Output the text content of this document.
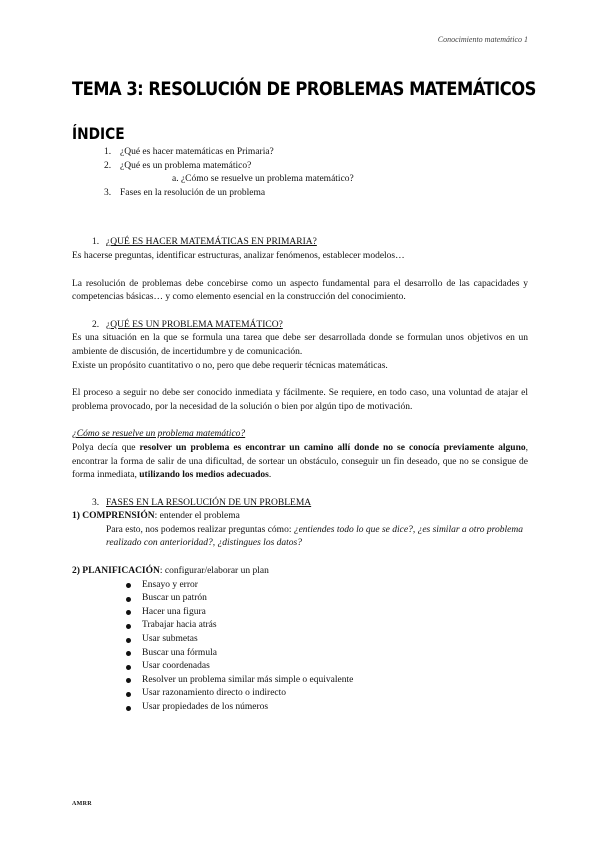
Conocimiento matemático 1
TEMA 3: RESOLUCIÓN DE PROBLEMAS MATEMÁTICOS
ÍNDICE
1. ¿Qué es hacer matemáticas en Primaria?
2. ¿Qué es un problema matemático?
a. ¿Cómo se resuelve un problema matemático?
3. Fases en la resolución de un problema

1. ¿QUÉ ES HACER MATEMÁTICAS EN PRIMARIA?

Es hacerse preguntas, identificar estructuras, analizar fenómenos, establecer modelos…

La resolución de problemas debe concebirse como un aspecto fundamental para el desarrollo de las capacidades y competencias básicas… y como elemento esencial en la construcción del conocimiento.

2. ¿QUÉ ES UN PROBLEMA MATEMÁTICO?

Es una situación en la que se formula una tarea que debe ser desarrollada donde se formulan unos objetivos en un ambiente de discusión, de incertidumbre y de comunicación.

Existe un propósito cuantitativo o no, pero que debe requerir técnicas matemáticas.

El proceso a seguir no debe ser conocido inmediata y fácilmente. Se requiere, en todo caso, una voluntad de atajar el problema provocado, por la necesidad de la solución o bien por algún tipo de motivación.

¿Cómo se resuelve un problema matemático?

Polya decía que resolver un problema es encontrar un camino allí donde no se conocía previamente alguno, encontrar la forma de salir de una dificultad, de sortear un obstáculo, conseguir un fin deseado, que no se consigue de forma inmediata, utilizando los medios adecuados.

3. FASES EN LA RESOLUCIÓN DE UN PROBLEMA

1) COMPRENSIÓN: entender el problema

Para esto, nos podemos realizar preguntas cómo: ¿entiendes todo lo que se dice?, ¿es similar a otro problema realizado con anterioridad?, ¿distingues los datos?

2) PLANIFICACIÓN: configurar/elaborar un plan

Ensayo y error
Buscar un patrón
Hacer una figura
Trabajar hacia atrás
Usar submetas
Buscar una fórmula
Usar coordenadas
Resolver un problema similar más simple o equivalente
Usar razonamiento directo o indirecto
Usar propiedades de los números
AMRR
